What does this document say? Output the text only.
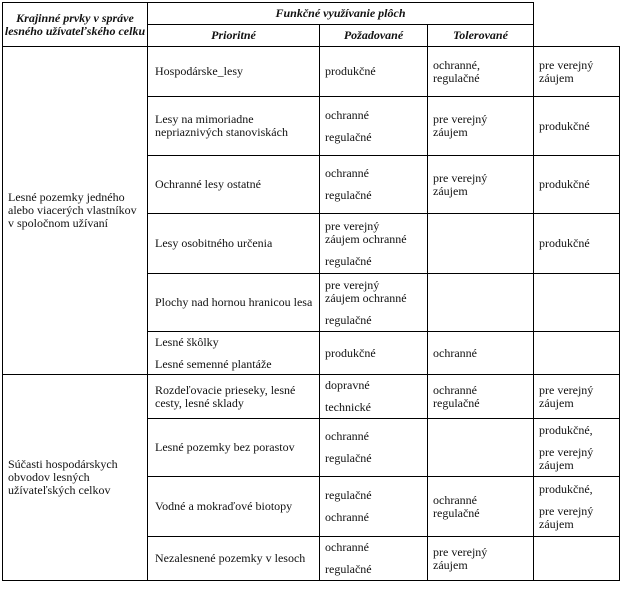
Krajinné prvky v správe lesného užívateľského celku	Funkčné využívanie plôch			
	Prioritné	Požadované	Tolerované	
Lesné pozemky jedného alebo viacerých vlastníkov v spoločnom užívaní	Hospodárske_lesy	produkčné	ochranné,
regulačné	pre verejný
záujem

	Lesy na mimoriadne nepriaznivých stanoviskách	ochranné
regulačné	pre verejný
záujem	produkčné

	Ochranné lesy ostatné	ochranné
regulačné	pre verejný
záujem	produkčné

	Lesy osobitného určenia	pre verejný
záujem ochranné
regulačné		produkčné

	Plochy nad hornou hranicou lesa	pre verejný
záujem ochranné
regulačné		

	Lesné škôlky
Lesné semenné plantáže	produkčné	ochranné	

Súčasti hospodárskych obvodov lesných užívateľských celkov	Rozdeľovacie prieseky, lesné cesty, lesné sklady	dopravné
technické	ochranné
regulačné	pre verejný
záujem

	Lesné pozemky bez porastov	ochranné
regulačné		produkčné,
pre verejný
záujem

	Vodné a mokraďové biotopy	regulačné
ochranné	ochranné
regulačné	produkčné,
pre verejný
záujem

	Nezalesnené pozemky v lesoch	ochranné
regulačné	pre verejný
záujem	
